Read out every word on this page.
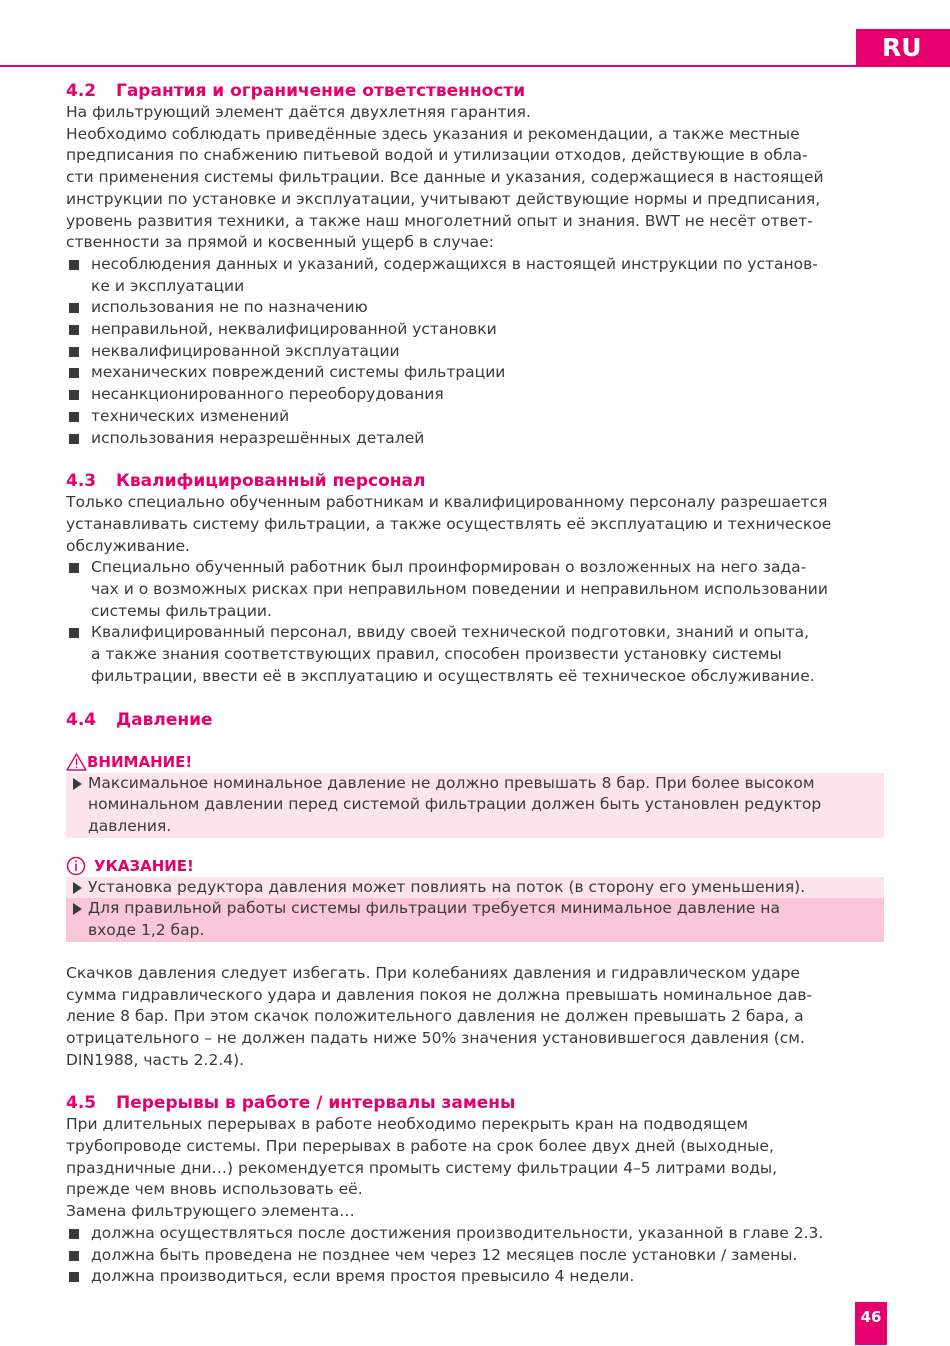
RU
4.2 Гарантия и ограничение ответственности

На фильтрующий элемент даётся двухлетняя гарантия.

Необходимо соблюдать приведённые здесь указания и рекомендации, а также местные

предписания по снабжению питьевой водой и утилизации отходов, действующие в обла-

сти применения системы фильтрации. Все данные и указания, содержащиеся в настоящей

инструкции по установке и эксплуатации, учитывают действующие нормы и предписания,

уровень развития техники, а также наш многолетний опыт и знания. BWT не несёт ответ-

ственности за прямой и косвенный ущерб в случае:

несоблюдения данных и указаний, содержащихся в настоящей инструкции по установ-
ке и эксплуатации
использования не по назначению
неправильной, неквалифицированной установки
неквалифицированной эксплуатации
механических повреждений системы фильтрации
несанкционированного переоборудования
технических изменений
использования неразрешённых деталей
4.3 Квалифицированный персонал

Только специально обученным работникам и квалифицированному персоналу разрешается

устанавливать систему фильтрации, а также осуществлять её эксплуатацию и техническое

обслуживание.

Специально обученный работник был проинформирован о возложенных на него зада-
чах и о возможных рисках при неправильном поведении и неправильном использовании
системы фильтрации.
Квалифицированный персонал, ввиду своей технической подготовки, знаний и опыта,
а также знания соответствующих правил, способен произвести установку системы
фильтрации, ввести её в эксплуатацию и осуществлять её техническое обслуживание.
4.4 Давление
ВНИМАНИЕ!
Максимальное номинальное давление не должно превышать 8 бар. При более высоком
номинальном давлении перед системой фильтрации должен быть установлен редуктор
давления.
УКАЗАНИЕ!
Установка редуктора давления может повлиять на поток (в сторону его уменьшения).
Для правильной работы системы фильтрации требуется минимальное давление на
входе 1,2 бар.

Скачков давления следует избегать. При колебаниях давления и гидравлическом ударе

сумма гидравлического удара и давления покоя не должна превышать номинальное дав-

ление 8 бар. При этом скачок положительного давления не должен превышать 2 бара, а

отрицательного – не должен падать ниже 50% значения установившегося давления (см.

DIN1988, часть 2.2.4).

4.5 Перерывы в работе / интервалы замены

При длительных перерывах в работе необходимо перекрыть кран на подводящем

трубопроводе системы. При перерывах в работе на срок более двух дней (выходные,

праздничные дни…) рекомендуется промыть систему фильтрации 4–5 литрами воды,

прежде чем вновь использовать её.

Замена фильтрующего элемента…

должна осуществляться после достижения производительности, указанной в главе 2.3.
должна быть проведена не позднее чем через 12 месяцев после установки / замены.
должна производиться, если время простоя превысило 4 недели.
46
